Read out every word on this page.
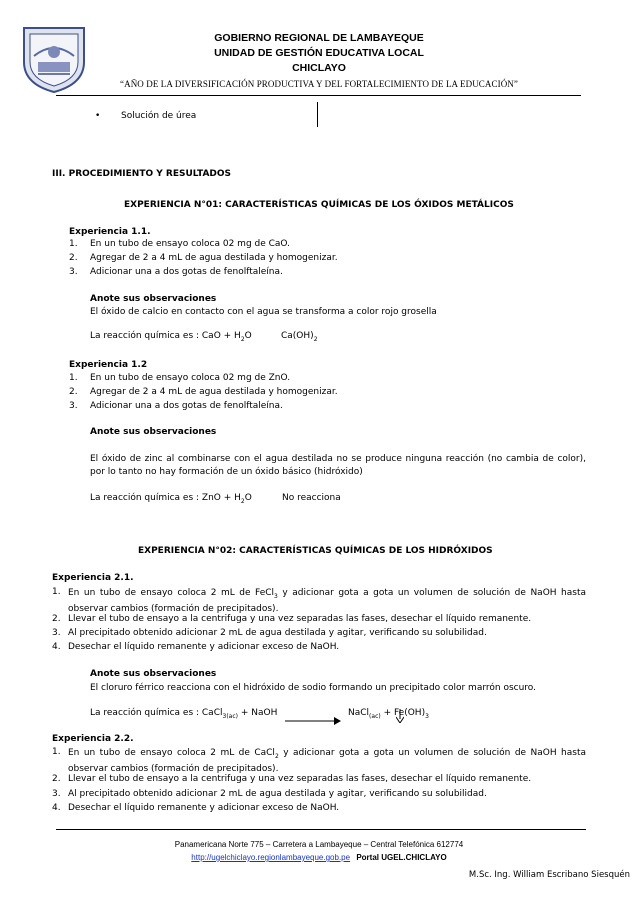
GOBIERNO REGIONAL DE LAMBAYEQUE
UNIDAD DE GESTIÓN EDUCATIVA LOCAL
CHICLAYO
“AÑO DE LA DIVERSIFICACIÓN PRODUCTIVA Y DEL FORTALECIMIENTO DE LA EDUCACIÓN”
• Solución de úrea
III. PROCEDIMIENTO Y RESULTADOS
EXPERIENCIA N°01: CARACTERÍSTICAS QUÍMICAS DE LOS ÓXIDOS METÁLICOS
Experiencia 1.1.
1. En un tubo de ensayo coloca 02 mg de CaO.
2. Agregar de 2 a 4 mL de agua destilada y homogenizar.
3. Adicionar una a dos gotas de fenolftaleína.
Anote sus observaciones
El óxido de calcio en contacto con el agua se transforma a color rojo grosella
La reacción química es : CaO + $H_2O$	$Ca(OH)_2$
Experiencia 1.2
1. En un tubo de ensayo coloca 02 mg de ZnO.
2. Agregar de 2 a 4 mL de agua destilada y homogenizar.
3. Adicionar una a dos gotas de fenolftaleína.
Anote sus observaciones
El óxido de zinc al combinarse con el agua destilada no se produce ninguna reacción (no cambia de color), por lo tanto no hay formación de un óxido básico (hidróxido)
La reacción química es : ZnO + $H_2O$	No reacciona
EXPERIENCIA N°02: CARACTERÍSTICAS QUÍMICAS DE LOS HIDRÓXIDOS
Experiencia 2.1.
1. En un tubo de ensayo coloca 2 mL de FeCl$_3$ y adicionar gota a gota un volumen de solución de NaOH hasta observar cambios (formación de precipitados).
2. Llevar el tubo de ensayo a la centrifuga y una vez separadas las fases, desechar el líquido remanente.
3. Al precipitado obtenido adicionar 2 mL de agua destilada y agitar, verificando su solubilidad.
4. Desechar el líquido remanente y adicionar exceso de NaOH.
Anote sus observaciones
El cloruro férrico reacciona con el hidróxido de sodio formando un precipitado color marrón oscuro.
La reacción química es : CaCl$_{3(ac)}$ + NaOH → NaCl$_{(ac)}$ + $Fe(OH)_3$
Experiencia 2.2.
1. En un tubo de ensayo coloca 2 mL de CaCl$_2$ y adicionar gota a gota un volumen de solución de NaOH hasta observar cambios (formación de precipitados).
2. Llevar el tubo de ensayo a la centrifuga y una vez separadas las fases, desechar el líquido remanente.
3. Al precipitado obtenido adicionar 2 mL de agua destilada y agitar, verificando su solubilidad.
4. Desechar el líquido remanente y adicionar exceso de NaOH.
Panamericana Norte 775 – Carretera a Lambayeque – Central Telefónica 612774
http://ugelchiclayo.regionlambayeque.gob.pe Portal UGEL.CHICLAYO
M.Sc. Ing. William Escribano Siesquén
